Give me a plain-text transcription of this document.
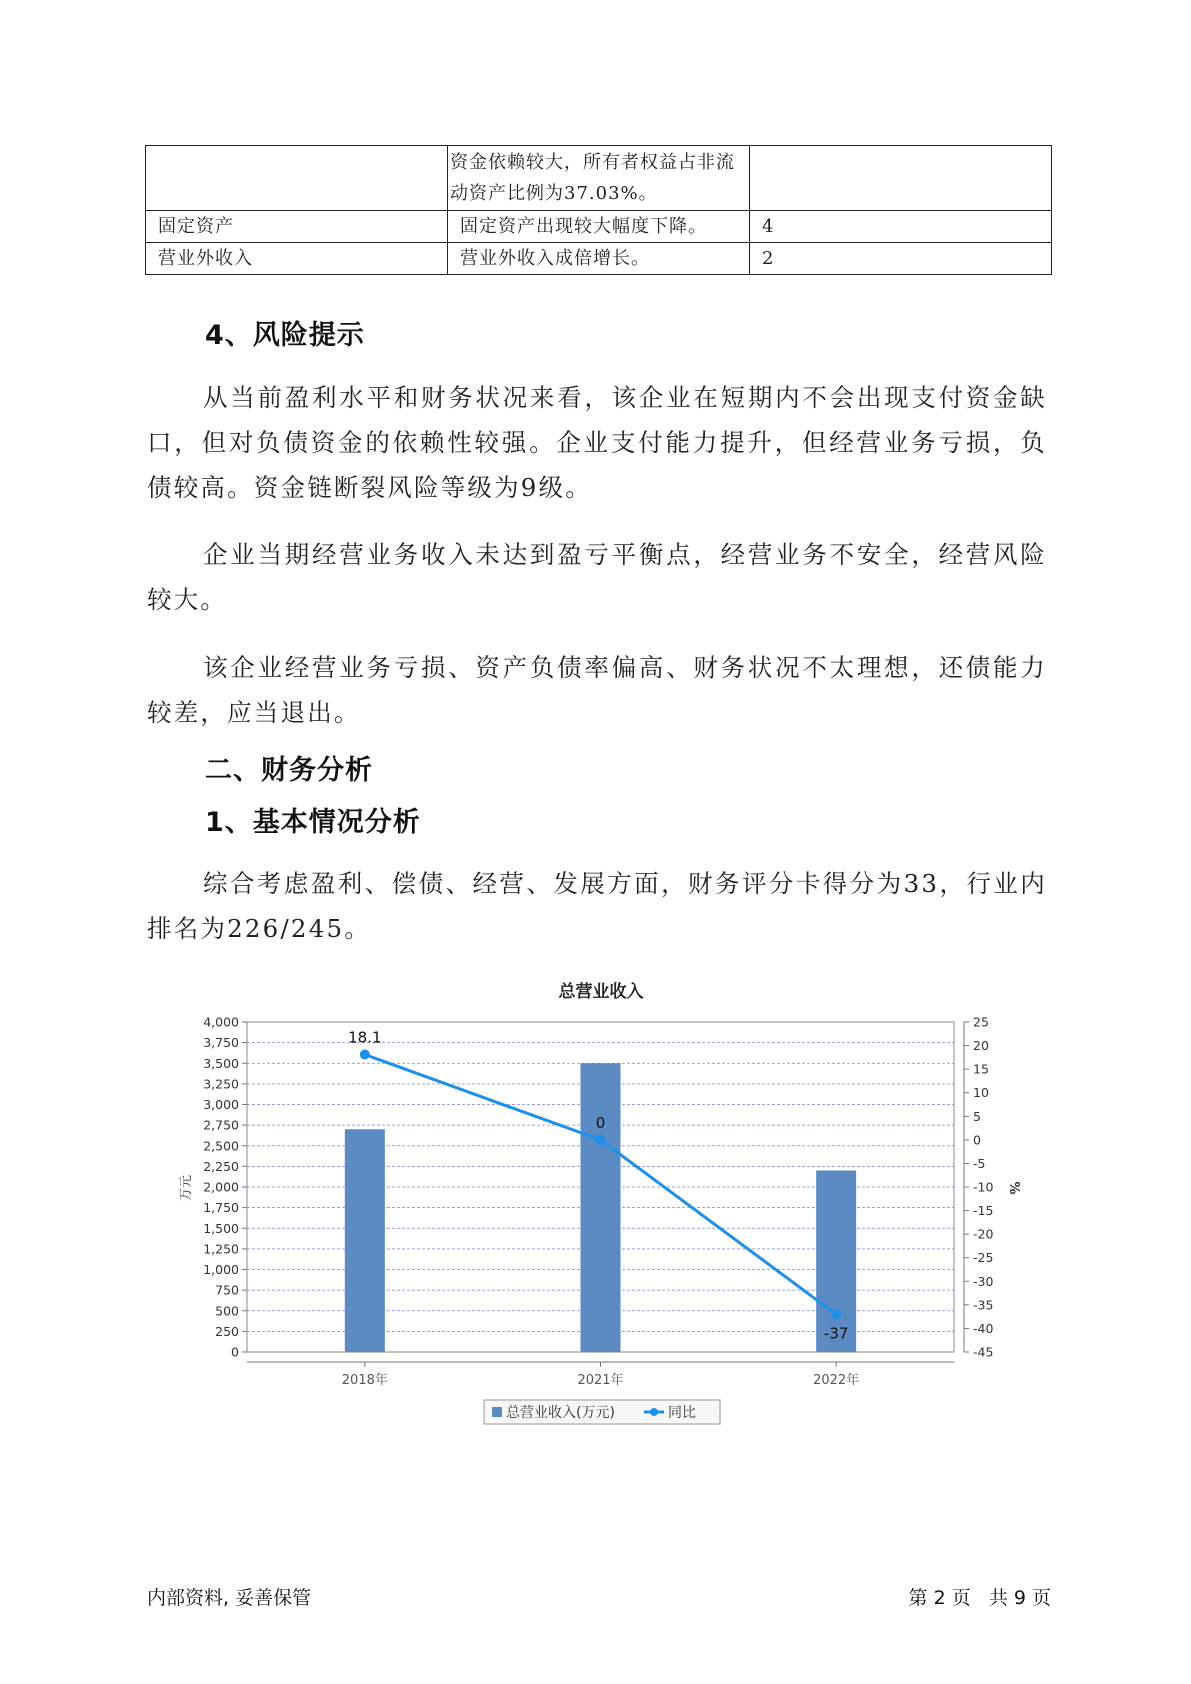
	资金依赖较大，所有者权益占非流动资产比例为37.03%。	
固定资产	固定资产出现较大幅度下降。	4
营业外收入	营业外收入成倍增长。	2
4、风险提示
从当前盈利水平和财务状况来看，该企业在短期内不会出现支付资金缺口，但对负债资金的依赖性较强。企业支付能力提升，但经营业务亏损，负债较高。资金链断裂风险等级为9级。
企业当期经营业务收入未达到盈亏平衡点，经营业务不安全，经营风险较大。
该企业经营业务亏损、资产负债率偏高、财务状况不太理想，还债能力较差，应当退出。
二、财务分析
1、基本情况分析
综合考虑盈利、偿债、经营、发展方面，财务评分卡得分为33，行业内排名为226/245。
总营业收入
0
250
500
750
1,000
1,250
1,500
1,750
2,000
2,250
2,500
2,750
3,000
3,250
3,500
3,750
4,000	25
20
15
10
5
0
-5
-10
-15
-20
-25
-30
-35
-40
-45
18.1
0
-37
2018年	2021年	2022年
万元	%
总营业收入(万元)	同比
内部资料, 妥善保管	第 2 页   共 9 页
